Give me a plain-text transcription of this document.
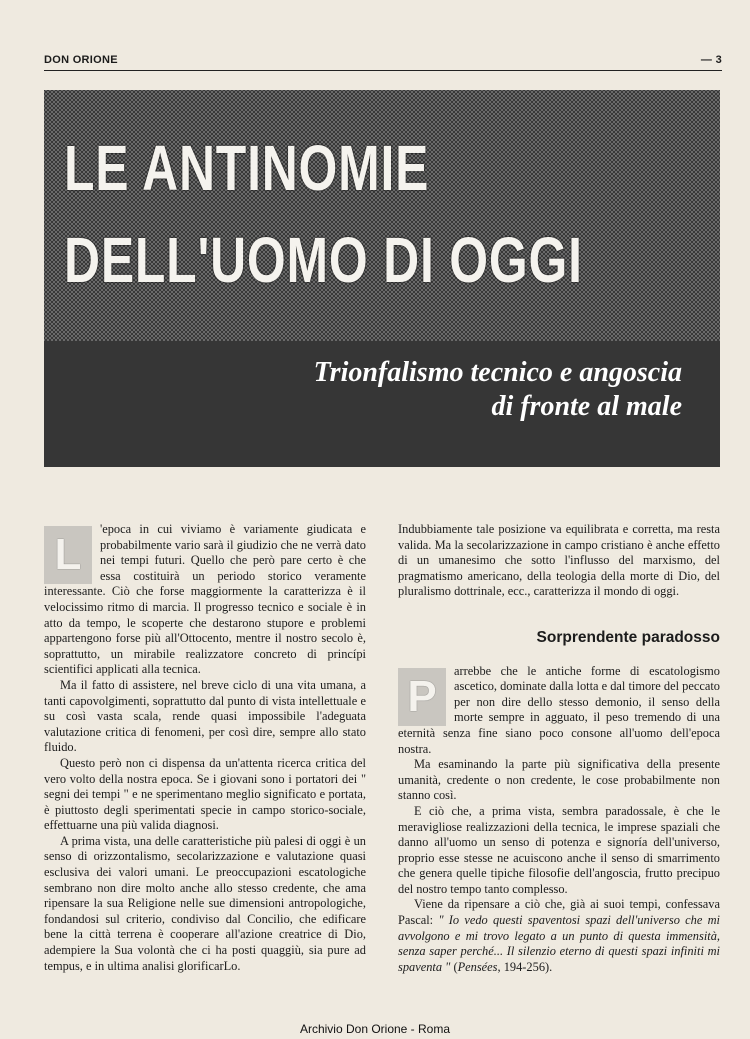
DON ORIONE	— 3
LE ANTINOMIE
DELL'UOMO DI OGGI
Trionfalismo tecnico e angoscia
di fronte al male
L

'epoca in cui viviamo è variamente giudicata e probabilmente vario sarà il giudizio che ne verrà dato nei tempi futuri. Quello che però pare certo è che essa costituirà un periodo storico veramente interessante. Ciò che forse maggiormente la caratterizza è il velocissimo ritmo di marcia. Il progresso tecnico e sociale è in atto da tempo, le scoperte che destarono stupore e problemi appartengono forse più all'Ottocento, mentre il nostro secolo è, soprattutto, un mirabile realizzatore concreto di princípi scientifici applicati alla tecnica.

Ma il fatto di assistere, nel breve ciclo di una vita umana, a tanti capovolgimenti, soprattutto dal punto di vista intellettuale e su così vasta scala, rende quasi impossibile l'adeguata valutazione critica di fenomeni, per così dire, sempre allo stato fluido.

Questo però non ci dispensa da un'attenta ricerca critica del vero volto della nostra epoca. Se i giovani sono i portatori dei " segni dei tempi " e ne sperimentano meglio significato e portata, è piuttosto degli sperimentati specie in campo storico-sociale, effettuarne una più valida diagnosi.

A prima vista, una delle caratteristiche più palesi di oggi è un senso di orizzontalismo, secolarizzazione e valutazione quasi esclusiva dei valori umani. Le preoccupazioni escatologiche sembrano non dire molto anche allo stesso credente, che ama ripensare la sua Religione nelle sue dimensioni antropologiche, fondandosi sul criterio, condiviso dal Concilio, che edificare bene la città terrena è cooperare all'azione creatrice di Dio, adempiere la Sua volontà che ci ha posti quaggiù, sia pure ad tempus, e in ultima analisi glorificarLo.

Indubbiamente tale posizione va equilibrata e corretta, ma resta valida. Ma la secolarizzazione in campo cristiano è anche effetto di un umanesimo che sotto l'influsso del marxismo, del pragmatismo americano, della teologia della morte di Dio, del pluralismo dottrinale, ecc., caratterizza il mondo di oggi.

Sorprendente paradosso
P

arrebbe che le antiche forme di escatologismo ascetico, dominate dalla lotta e dal timore del peccato per non dire dello stesso demonio, il senso della morte sempre in agguato, il peso tremendo di una eternità senza fine siano poco consone all'uomo dell'epoca nostra.

Ma esaminando la parte più significativa della presente umanità, credente o non credente, le cose probabilmente non stanno così.

E ciò che, a prima vista, sembra paradossale, è che le meravigliose realizzazioni della tecnica, le imprese spaziali che danno all'uomo un senso di potenza e signoría dell'universo, proprio esse stesse ne acuiscono anche il senso di smarrimento che genera quelle tipiche filosofie dell'angoscia, frutto precipuo del nostro tempo tanto complesso.

Viene da ripensare a ciò che, già ai suoi tempi, confessava Pascal: " Io vedo questi spaventosi spazi dell'universo che mi avvolgono e mi trovo legato a un punto di questa immensità, senza saper perché... Il silenzio eterno di questi spazi infiniti mi spaventa " (Pensées, 194-256).

Archivio Don Orione - Roma
